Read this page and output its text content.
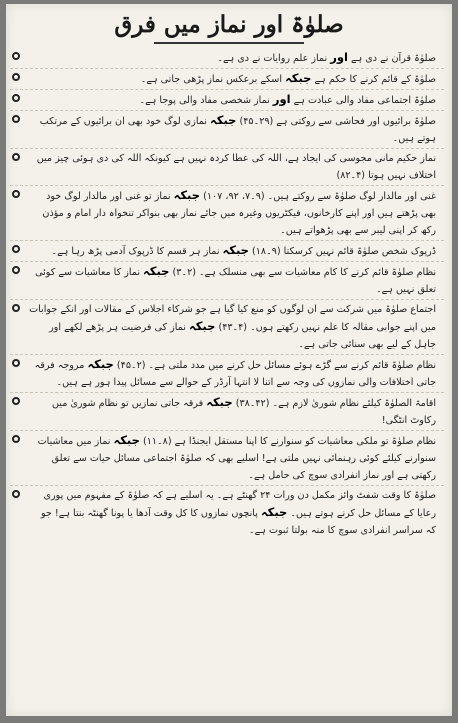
صلوٰۃ اور نماز میں فرق
صلوٰۃ قرآن نے دی ہے اور نماز علم روایات نے دی ہے۔
صلوٰۃ کے قائم کرنے کا حکم ہے جبکہ اسکے برعکس نماز پڑھی جاتی ہے۔
صلوٰۃ اجتماعی مفاد والی عبادت ہے اور نماز شخصی مفاد والی پوجا ہے۔
صلوٰۃ برائیوں اور فحاشی سے روکتی ہے (۲۹۔۴۵) جبکہ نمازی لوگ خود بھی ان برائیوں کے مرتکب ہوتے ہیں۔
نماز حکیم مانی مجوسی کی ایجاد ہے، اللہ کی عطا کردہ نہیں ہے کیونکہ اللہ کی دی ہوئی چیز میں اختلاف نہیں ہوتا (۴۔۸۲)
غنی اور مالدار لوگ صلوٰۃ سے روکتے ہیں۔ (۹۔۷، ۹۲، ۱۰۷) جبکہ نماز تو غنی اور مالدار لوگ خود بھی پڑھتے ہیں اور اپنے کارخانوں، فیکٹریوں وغیرہ میں جائے نماز بھی بنواکر تنخواہ دار امام و مؤذن رکھ کر اپنی لیبر سے بھی پڑھواتے ہیں۔
ڈرپوک شخص صلوٰۃ قائم نہیں کرسکتا (۹۔۱۸) جبکہ نماز ہر قسم کا ڈرپوک آدمی پڑھ رہا ہے۔
نظام صلوٰۃ قائم کرنے کا کام معاشیات سے بھی منسلک ہے۔ (۲۔۳) جبکہ نماز کا معاشیات سے کوئی تعلق نہیں ہے۔
اجتماع صلوٰۃ میں شرکت سے ان لوگوں کو منع کیا گیا ہے جو شرکاء اجلاس کے مقالات اور انکے جوابات میں اپنے جوابی مقالہ کا علم نہیں رکھتے ہوں۔ (۴۔۴۳) جبکہ نماز کی فرضیت ہر پڑھے لکھے اور جاہل کے لیے بھی سنائی جاتی ہے۔
نظام صلوٰۃ قائم کرنے سے گڑے ہوئے مسائل حل کرنے میں مدد ملتی ہے۔ (۲۔۴۵) جبکہ مروجہ فرقہ جاتی اختلافات والی نمازوں کی وجہ سے اتنا لا انتہا آرڈر کے حوالے سے مسائل پیدا ہور ہے ہیں۔
اقامۃ الصلوٰۃ کیلئے نظام شوریٰ لازم ہے۔ (۴۲۔۳۸) جبکہ فرقہ جاتی نمازیں تو نظام شوریٰ میں رکاوٹ انٹگی!
نظام صلوٰۃ تو ملکی معاشیات کو سنوارنے کا اپنا مستقل ایجنڈا ہے (۸۔۱۱) جبکہ نماز میں معاشیات سنوارنے کیلئے کوئی رہنمائی نہیں ملتی ہے! اسلیے بھی کہ صلوٰۃ اجتماعی مسائل حیات سے تعلق رکھتی ہے اور نماز انفرادی سوچ کی حامل ہے۔
صلوٰۃ کا وقت شفٹ وائز مکمل دن ورات ۲۴ گھنٹے ہے۔ یہ اسلیے ہے کہ صلوٰۃ کے مفہوم میں پوری رعایا کے مسائل حل کرنے ہوتے ہیں۔ جبکہ پانچوں نمازوں کا کل وقت آدھا یا پونا گھنٹہ بنتا ہے! جو کہ سراسر انفرادی سوچ کا منہ بولتا ثبوت ہے۔
